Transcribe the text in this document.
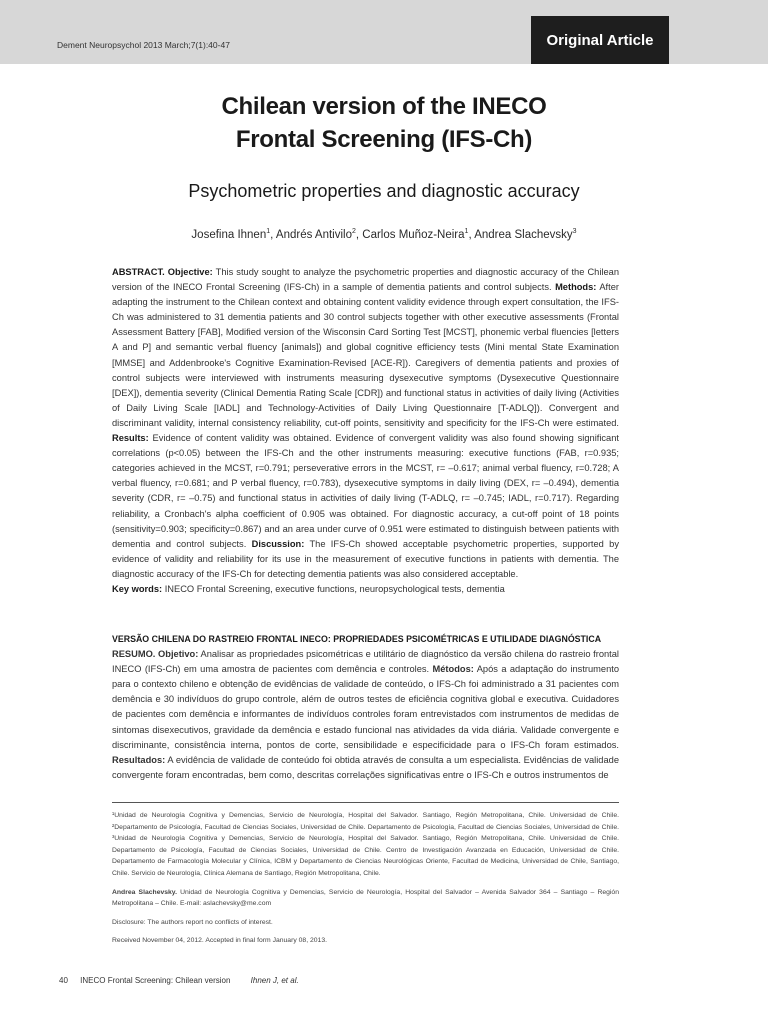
Dement Neuropsychol 2013 March;7(1):40-47	Original Article
Chilean version of the INECO
Frontal Screening (IFS-Ch)
Psychometric properties and diagnostic accuracy
Josefina Ihnen$^1$, Andrés Antivilo$^2$, Carlos Muñoz-Neira$^1$, Andrea Slachevsky$^3$
ABSTRACT. Objective: This study sought to analyze the psychometric properties and diagnostic accuracy of the Chilean version of the INECO Frontal Screening (IFS-Ch) in a sample of dementia patients and control subjects. Methods: After adapting the instrument to the Chilean context and obtaining content validity evidence through expert consultation, the IFS-Ch was administered to 31 dementia patients and 30 control subjects together with other executive assessments (Frontal Assessment Battery [FAB], Modified version of the Wisconsin Card Sorting Test [MCST], phonemic verbal fluencies [letters A and P] and semantic verbal fluency [animals]) and global cognitive efficiency tests (Mini mental State Examination [MMSE] and Addenbrooke's Cognitive Examination-Revised [ACE-R]). Caregivers of dementia patients and proxies of control subjects were interviewed with instruments measuring dysexecutive symptoms (Dysexecutive Questionnaire [DEX]), dementia severity (Clinical Dementia Rating Scale [CDR]) and functional status in activities of daily living (Activities of Daily Living Scale [IADL] and Technology-Activities of Daily Living Questionnaire [T-ADLQ]). Convergent and discriminant validity, internal consistency reliability, cut-off points, sensitivity and specificity for the IFS-Ch were estimated. Results: Evidence of content validity was obtained. Evidence of convergent validity was also found showing significant correlations (p<0.05) between the IFS-Ch and the other instruments measuring: executive functions (FAB, r=0.935; categories achieved in the MCST, r=0.791; perseverative errors in the MCST, r= –0.617; animal verbal fluency, r=0.728; A verbal fluency, r=0.681; and P verbal fluency, r=0.783), dysexecutive symptoms in daily living (DEX, r= –0.494), dementia severity (CDR, r= –0.75) and functional status in activities of daily living (T-ADLQ, r= –0.745; IADL, r=0.717). Regarding reliability, a Cronbach's alpha coefficient of 0.905 was obtained. For diagnostic accuracy, a cut-off point of 18 points (sensitivity=0.903; specificity=0.867) and an area under curve of 0.951 were estimated to distinguish between patients with dementia and control subjects. Discussion: The IFS-Ch showed acceptable psychometric properties, supported by evidence of validity and reliability for its use in the measurement of executive functions in patients with dementia. The diagnostic accuracy of the IFS-Ch for detecting dementia patients was also considered acceptable.
Key words: INECO Frontal Screening, executive functions, neuropsychological tests, dementia
VERSÃO CHILENA DO RASTREIO FRONTAL INECO: PROPRIEDADES PSICOMÉTRICAS E UTILIDADE DIAGNÓSTICA
RESUMO. Objetivo: Analisar as propriedades psicométricas e utilitário de diagnóstico da versão chilena do rastreio frontal INECO (IFS-Ch) em uma amostra de pacientes com demência e controles. Métodos: Após a adaptação do instrumento para o contexto chileno e obtenção de evidências de validade de conteúdo, o IFS-Ch foi administrado a 31 pacientes com demência e 30 indivíduos do grupo controle, além de outros testes de eficiência cognitiva global e executiva. Cuidadores de pacientes com demência e informantes de indivíduos controles foram entrevistados com instrumentos de medidas de sintomas disexecutivos, gravidade da demência e estado funcional nas atividades da vida diária. Validade convergente e discriminante, consistência interna, pontos de corte, sensibilidade e especificidade para o IFS-Ch foram estimados. Resultados: A evidência de validade de conteúdo foi obtida através de consulta a um especialista. Evidências de validade convergente foram encontradas, bem como, descritas correlações significativas entre o IFS-Ch e outros instrumentos de

¹Unidad de Neurología Cognitiva y Demencias, Servicio de Neurología, Hospital del Salvador. Santiago, Región Metropolitana, Chile. Universidad de Chile. ²Departamento de Psicología, Facultad de Ciencias Sociales, Universidad de Chile. Departamento de Psicología, Facultad de Ciencias Sociales, Universidad de Chile. ³Unidad de Neurología Cognitiva y Demencias, Servicio de Neurología, Hospital del Salvador. Santiago, Región Metropolitana, Chile. Universidad de Chile. Departamento de Psicología, Facultad de Ciencias Sociales, Universidad de Chile. Centro de Investigación Avanzada en Educación, Universidad de Chile. Departamento de Farmacología Molecular y Clínica, ICBM y Departamento de Ciencias Neurológicas Oriente, Facultad de Medicina, Universidad de Chile, Santiago, Chile. Servicio de Neurología, Clínica Alemana de Santiago, Región Metropolitana, Chile.

Andrea Slachevsky. Unidad de Neurología Cognitiva y Demencias, Servicio de Neurología, Hospital del Salvador – Avenida Salvador 364 – Santiago – Región Metropolitana – Chile. E-mail: aslachevsky@me.com

Disclosure: The authors report no conflicts of interest.

Received November 04, 2012. Accepted in final form January 08, 2013.

40 INECO Frontal Screening: Chilean version	Ihnen J, et al.
